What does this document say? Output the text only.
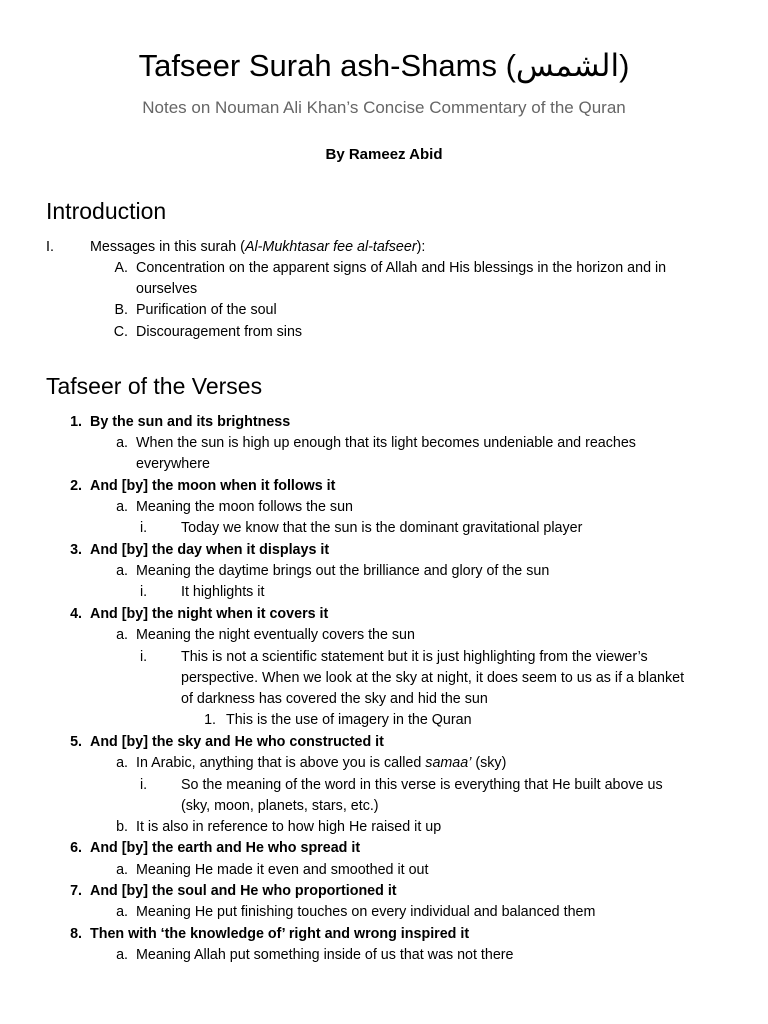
Tafseer Surah ash-Shams (الشمس)
Notes on Nouman Ali Khan’s Concise Commentary of the Quran
By Rameez Abid
Introduction
I.	Messages in this surah (Al-Mukhtasar fee al-tafseer):
A. Concentration on the apparent signs of Allah and His blessings in the horizon and in
ourselves
B. Purification of the soul
C. Discouragement from sins
Tafseer of the Verses
1. By the sun and its brightness
a. When the sun is high up enough that its light becomes undeniable and reaches
everywhere
2. And [by] the moon when it follows it
a. Meaning the moon follows the sun
i.	Today we know that the sun is the dominant gravitational player
3. And [by] the day when it displays it
a. Meaning the daytime brings out the brilliance and glory of the sun
i.	It highlights it
4. And [by] the night when it covers it
a. Meaning the night eventually covers the sun
i.	This is not a scientific statement but it is just highlighting from the viewer’s
perspective. When we look at the sky at night, it does seem to us as if a blanket
of darkness has covered the sky and hid the sun
1. This is the use of imagery in the Quran
5. And [by] the sky and He who constructed it
a. In Arabic, anything that is above you is called samaa’ (sky)
i.	So the meaning of the word in this verse is everything that He built above us
(sky, moon, planets, stars, etc.)
b. It is also in reference to how high He raised it up
6. And [by] the earth and He who spread it
a. Meaning He made it even and smoothed it out
7. And [by] the soul and He who proportioned it
a. Meaning He put finishing touches on every individual and balanced them
8. Then with ‘the knowledge of’ right and wrong inspired it
a. Meaning Allah put something inside of us that was not there
